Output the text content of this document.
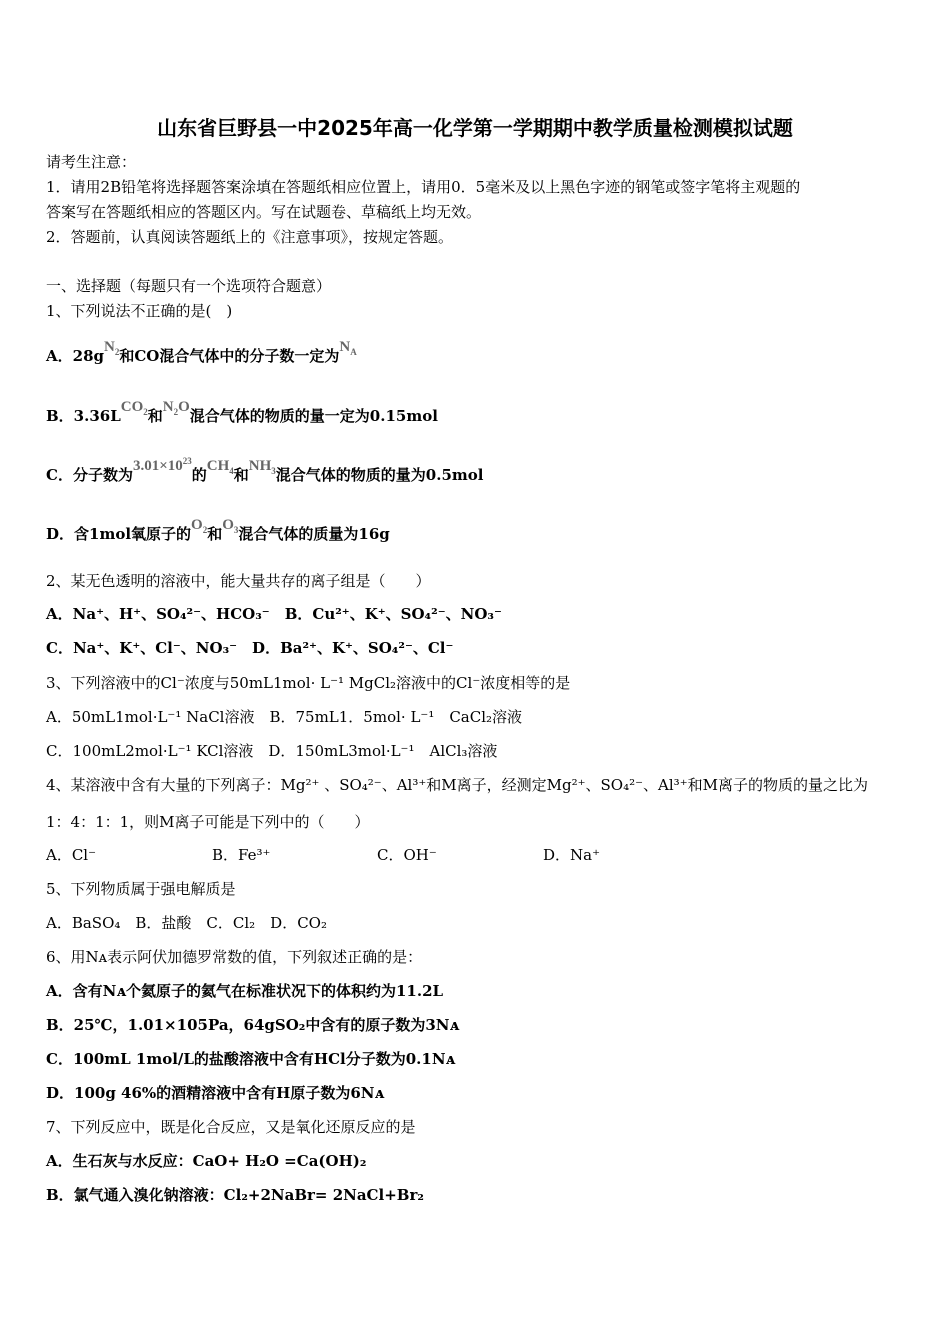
山东省巨野县一中2025年高一化学第一学期期中教学质量检测模拟试题
请考生注意：
1．请用2B铅笔将选择题答案涂填在答题纸相应位置上，请用0．5毫米及以上黑色字迹的钢笔或签字笔将主观题的
答案写在答题纸相应的答题区内。写在试题卷、草稿纸上均无效。
2．答题前，认真阅读答题纸上的《注意事项》，按规定答题。
一、选择题（每题只有一个选项符合题意）
1、下列说法不正确的是(　)
A．$28gN_2$和CO混合气体中的分子数一定为$N_A$
B．$3.36LCO_2$和$N_2O$混合气体的物质的量一定为0.15mol
C．分子数为$3.01\times 10^{23}$的$CH_4$和$NH_3$混合气体的物质的量为0.5mol
D．含1mol氧原子的$O_2$和$O_3$混合气体的质量为16g
2、某无色透明的溶液中，能大量共存的离子组是（　　）
A．Na⁺、H⁺、SO₄²⁻、HCO₃⁻　B．Cu²⁺、K⁺、SO₄²⁻、NO₃⁻
C．Na⁺、K⁺、Cl⁻、NO₃⁻　D．Ba²⁺、K⁺、SO₄²⁻、Cl⁻
3、下列溶液中的Cl⁻浓度与50mL1mol· L⁻¹ MgCl₂溶液中的Cl⁻浓度相等的是
A．50mL1mol·L⁻¹ NaCl溶液　B．75mL1．5mol· L⁻¹　CaCl₂溶液
C．100mL2mol·L⁻¹ KCl溶液　D．150mL3mol·L⁻¹　AlCl₃溶液
4、某溶液中含有大量的下列离子：Mg²⁺ 、SO₄²⁻、Al³⁺和M离子，经测定Mg²⁺、SO₄²⁻、Al³⁺和M离子的物质的量之比为
1：4：1：1，则M离子可能是下列中的（　　）
A．Cl⁻	B．Fe³⁺	C．OH⁻	D．Na⁺
5、下列物质属于强电解质是
A．BaSO₄　B．盐酸　C．Cl₂　D．CO₂
6、用Nᴀ表示阿伏加德罗常数的值，下列叙述正确的是：
A．含有Nᴀ个氦原子的氦气在标准状况下的体积约为11.2L
B．25℃，1.01×105Pa，64gSO₂中含有的原子数为3Nᴀ
C．100mL 1mol/L的盐酸溶液中含有HCl分子数为0.1Nᴀ
D．100g 46%的酒精溶液中含有H原子数为6Nᴀ
7、下列反应中，既是化合反应，又是氧化还原反应的是
A．生石灰与水反应：CaO+ H₂O =Ca(OH)₂
B．氯气通入溴化钠溶液：Cl₂+2NaBr= 2NaCl+Br₂
